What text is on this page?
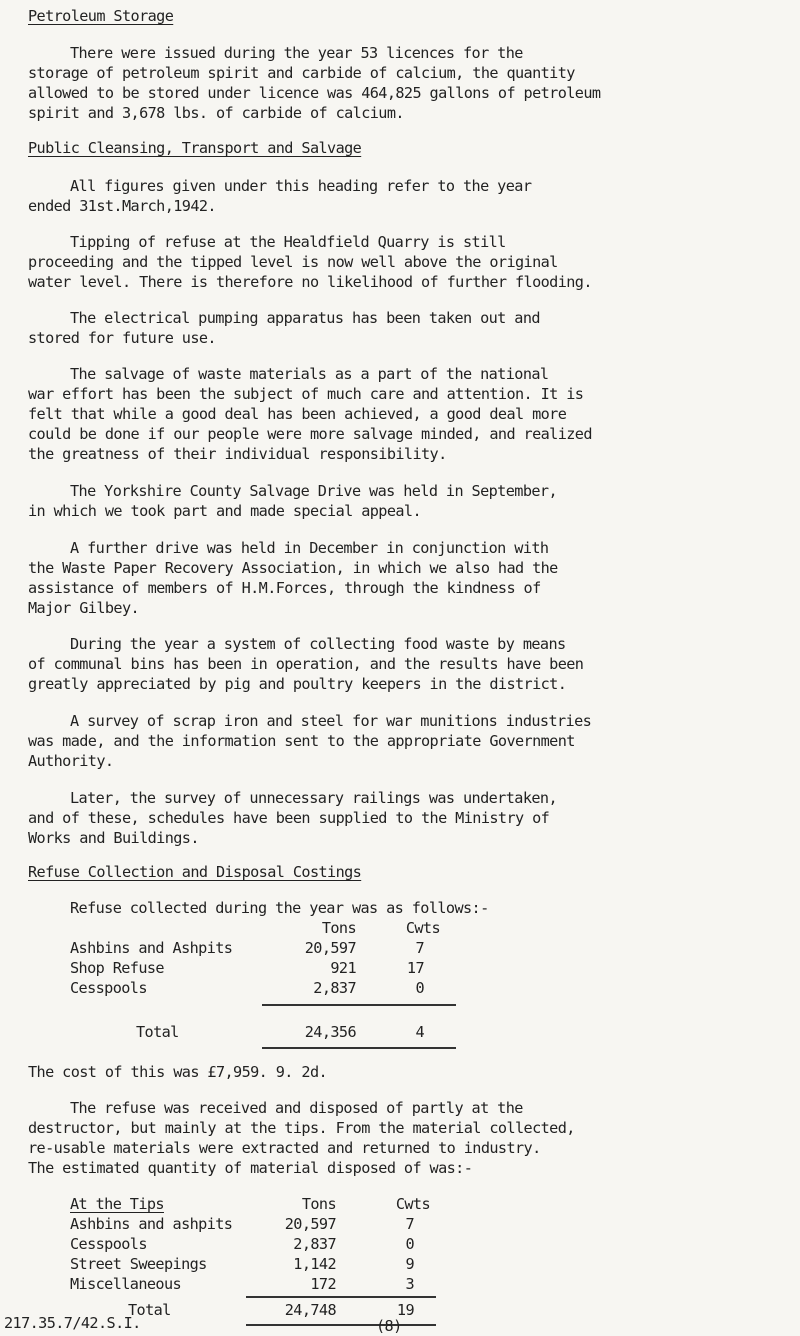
Petroleum Storage
There were issued during the year 53 licences for the
storage of petroleum spirit and carbide of calcium, the quantity
allowed to be stored under licence was 464,825 gallons of petroleum
spirit and 3,678 lbs. of carbide of calcium.
Public Cleansing, Transport and Salvage
All figures given under this heading refer to the year
ended 31st.March,1942.
Tipping of refuse at the Healdfield Quarry is still
proceeding and the tipped level is now well above the original
water level. There is therefore no likelihood of further flooding.
The electrical pumping apparatus has been taken out and
stored for future use.
The salvage of waste materials as a part of the national
war effort has been the subject of much care and attention. It is
felt that while a good deal has been achieved, a good deal more
could be done if our people were more salvage minded, and realized
the greatness of their individual responsibility.
The Yorkshire County Salvage Drive was held in September,
in which we took part and made special appeal.
A further drive was held in December in conjunction with
the Waste Paper Recovery Association, in which we also had the
assistance of members of H.M.Forces, through the kindness of
Major Gilbey.
During the year a system of collecting food waste by means
of communal bins has been in operation, and the results have been
greatly appreciated by pig and poultry keepers in the district.
A survey of scrap iron and steel for war munitions industries
was made, and the information sent to the appropriate Government
Authority.
Later, the survey of unnecessary railings was undertaken,
and of these, schedules have been supplied to the Ministry of
Works and Buildings.
Refuse Collection and Disposal Costings
Refuse collected during the year was as follows:-
Tons	Cwts
Ashbins and Ashpits	20,597	7
Shop Refuse	921	17
Cesspools	2,837	0
Total	24,356	4
The cost of this was £7,959. 9. 2d.
The refuse was received and disposed of partly at the
destructor, but mainly at the tips. From the material collected,
re-usable materials were extracted and returned to industry.
The estimated quantity of material disposed of was:-
At the Tips	Tons	Cwts
Ashbins and ashpits	20,597	7
Cesspools	2,837	0
Street Sweepings	1,142	9
Miscellaneous	172	3
Total	24,748	19
217.35.7/42.S.I.	(8)
